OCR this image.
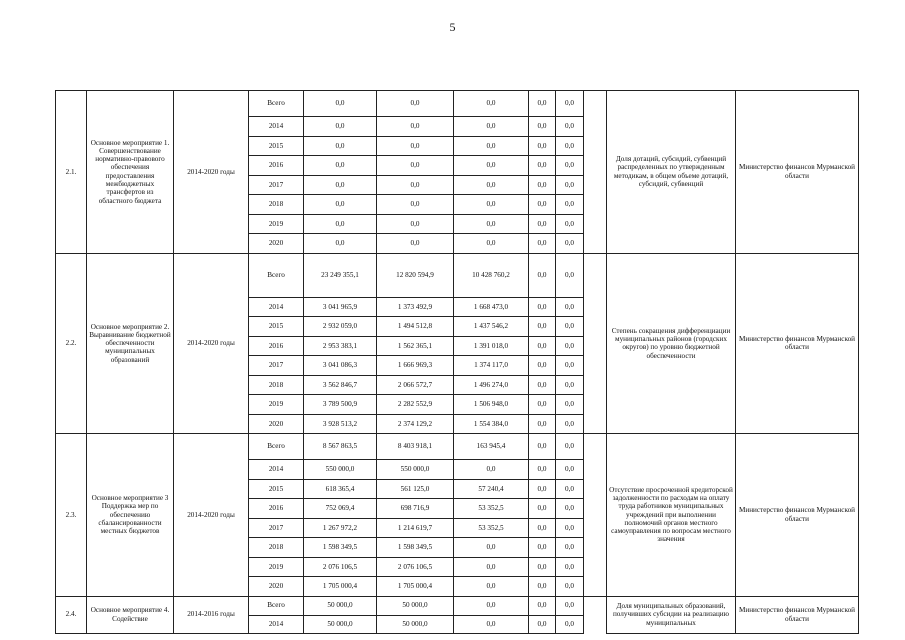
5
2.1.	Основное мероприятие 1. Совершенствование нормативно-правового обеспечения предоставления межбюджетных трансфертов из областного бюджета	2014-2020 годы	Всего	0,0	0,0	0,0	0,0	0,0		Доля дотаций, субсидий, субвенций распределенных по утвержденным методикам, в общем объеме дотаций, субсидий, субвенций	Министерство финансов Мурманской области
			2014	0,0	0,0	0,0	0,0	0,0			
			2015	0,0	0,0	0,0	0,0	0,0			
			2016	0,0	0,0	0,0	0,0	0,0			
			2017	0,0	0,0	0,0	0,0	0,0			
			2018	0,0	0,0	0,0	0,0	0,0			
			2019	0,0	0,0	0,0	0,0	0,0			
			2020	0,0	0,0	0,0	0,0	0,0			
2.2.	Основное мероприятие 2. Выравнивание бюджетной обеспеченности муниципальных образований	2014-2020 годы	Всего	23 249 355,1	12 820 594,9	10 428 760,2	0,0	0,0		Степень сокращения дифференциации муниципальных районов (городских округов) по уровню бюджетной обеспеченности	Министерство финансов Мурманской области
			2014	3 041 965,9	1 373 492,9	1 668 473,0	0,0	0,0			
			2015	2 932 059,0	1 494 512,8	1 437 546,2	0,0	0,0			
			2016	2 953 383,1	1 562 365,1	1 391 018,0	0,0	0,0			
			2017	3 041 086,3	1 666 969,3	1 374 117,0	0,0	0,0			
			2018	3 562 846,7	2 066 572,7	1 496 274,0	0,0	0,0			
			2019	3 789 500,9	2 282 552,9	1 506 948,0	0,0	0,0			
			2020	3 928 513,2	2 374 129,2	1 554 384,0	0,0	0,0			
2.3.	Основное мероприятие 3 Поддержка мер по обеспечению сбалансированности местных бюджетов	2014-2020 годы	Всего	8 567 863,5	8 403 918,1	163 945,4	0,0	0,0		Отсутствие просроченной кредиторской задолженности по расходам на оплату труда работников муниципальных учреждений при выполнении полномочий органов местного самоуправления по вопросам местного значения	Министерство финансов Мурманской области
			2014	550 000,0	550 000,0	0,0	0,0	0,0			
			2015	618 365,4	561 125,0	57 240,4	0,0	0,0			
			2016	752 069,4	698 716,9	53 352,5	0,0	0,0			
			2017	1 267 972,2	1 214 619,7	53 352,5	0,0	0,0			
			2018	1 598 349,5	1 598 349,5	0,0	0,0	0,0			
			2019	2 076 106,5	2 076 106,5	0,0	0,0	0,0			
			2020	1 705 000,4	1 705 000,4	0,0	0,0	0,0			
2.4.	Основное мероприятие 4. Содействие	2014-2016 годы	Всего	50 000,0	50 000,0	0,0	0,0	0,0		Доля муниципальных образований, получивших субсидии на реализацию муниципальных	Министерство финансов Мурманской области
			2014	50 000,0	50 000,0	0,0	0,0	0,0			
